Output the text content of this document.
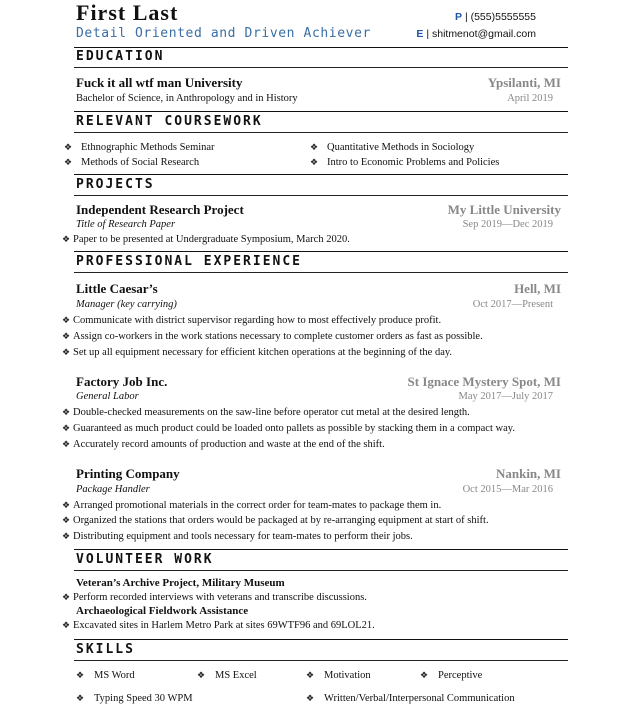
First Last
Detail Oriented and Driven Achiever
P | (555)5555555
E | shitmenot@gmail.com
EDUCATION
Fuck it all wtf man University	Ypsilanti, MI
Bachelor of Science, in Anthropology and in History	April 2019
RELEVANT COURSEWORK
❖ Ethnographic Methods Seminar	❖ Quantitative Methods in Sociology
❖ Methods of Social Research	❖ Intro to Economic Problems and Policies
PROJECTS
Independent Research Project	My Little University
Title of Research Paper	Sep 2019—Dec 2019
❖ Paper to be presented at Undergraduate Symposium, March 2020.
PROFESSIONAL EXPERIENCE
Little Caesar’s	Hell, MI
Manager (key carrying)	Oct 2017—Present
❖ Communicate with district supervisor regarding how to most effectively produce profit.
❖ Assign co-workers in the work stations necessary to complete customer orders as fast as possible.
❖ Set up all equipment necessary for efficient kitchen operations at the beginning of the day.
Factory Job Inc.	St Ignace Mystery Spot, MI
General Labor	May 2017—July 2017
❖ Double-checked measurements on the saw-line before operator cut metal at the desired length.
❖ Guaranteed as much product could be loaded onto pallets as possible by stacking them in a compact way.
❖ Accurately record amounts of production and waste at the end of the shift.
Printing Company	Nankin, MI
Package Handler	Oct 2015—Mar 2016
❖ Arranged promotional materials in the correct order for team-mates to package them in.
❖ Organized the stations that orders would be packaged at by re-arranging equipment at start of shift.
❖ Distributing equipment and tools necessary for team-mates to perform their jobs.
VOLUNTEER WORK
Veteran’s Archive Project, Military Museum
❖ Perform recorded interviews with veterans and transcribe discussions.
Archaeological Fieldwork Assistance
❖ Excavated sites in Harlem Metro Park at sites 69WTF96 and 69LOL21.
SKILLS
❖ MS Word	❖ MS Excel	❖ Motivation	❖ Perceptive
❖ Typing Speed 30 WPM	❖ Written/Verbal/Interpersonal Communication
